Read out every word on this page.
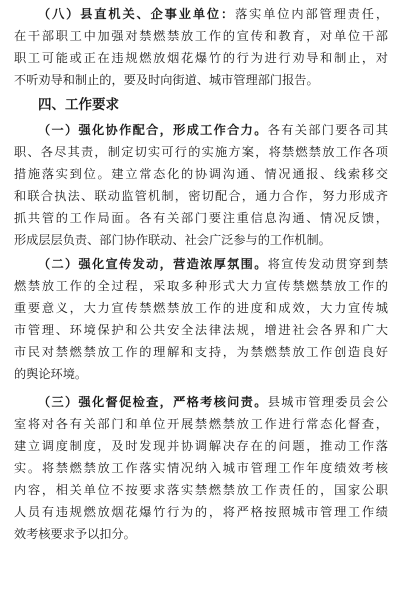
（八）县直机关、企事业单位：落实单位内部管理责任，
在干部职工中加强对禁燃禁放工作的宣传和教育，对单位干部
职工可能或正在违规燃放烟花爆竹的行为进行劝导和制止，对
不听劝导和制止的，要及时向街道、城市管理部门报告。
四、工作要求
（一）强化协作配合，形成工作合力。各有关部门要各司其
职、各尽其责，制定切实可行的实施方案，将禁燃禁放工作各项
措施落实到位。建立常态化的协调沟通、情况通报、线索移交
和联合执法、联动监管机制，密切配合，通力合作，努力形成齐
抓共管的工作局面。各有关部门要注重信息沟通、情况反馈，
形成层层负责、部门协作联动、社会广泛参与的工作机制。
（二）强化宣传发动，营造浓厚氛围。将宣传发动贯穿到禁
燃禁放工作的全过程，采取多种形式大力宣传禁燃禁放工作的
重要意义，大力宣传禁燃禁放工作的进度和成效，大力宣传城
市管理、环境保护和公共安全法律法规，增进社会各界和广大
市民对禁燃禁放工作的理解和支持，为禁燃禁放工作创造良好
的舆论环境。
（三）强化督促检查，严格考核问责。县城市管理委员会公
室将对各有关部门和单位开展禁燃禁放工作进行常态化督查，
建立调度制度，及时发现并协调解决存在的问题，推动工作落
实。将禁燃禁放工作落实情况纳入城市管理工作年度绩效考核
内容，相关单位不按要求落实禁燃禁放工作责任的，国家公职
人员有违规燃放烟花爆竹行为的，将严格按照城市管理工作绩
效考核要求予以扣分。
